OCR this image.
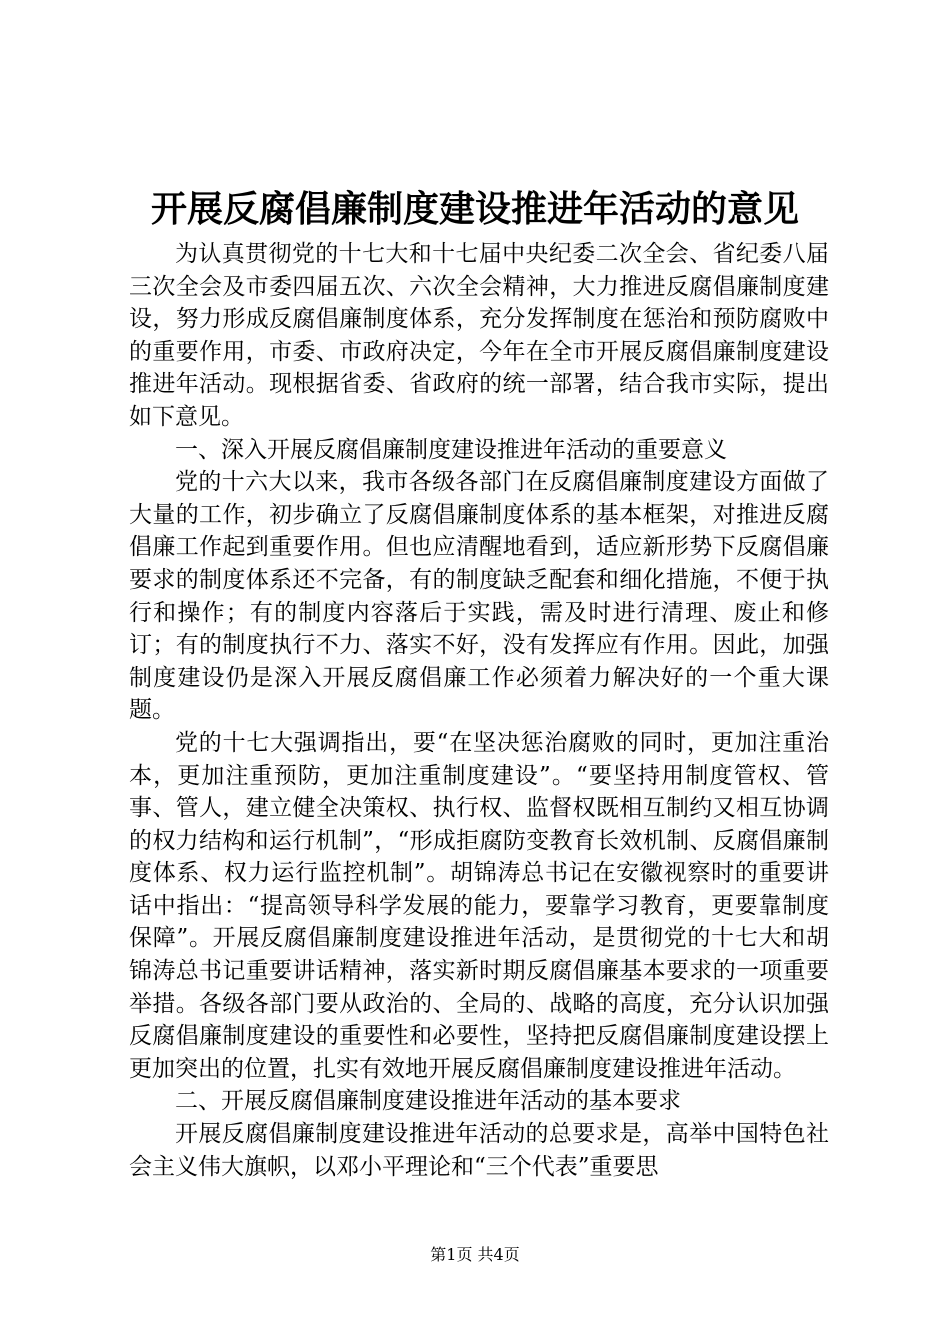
开展反腐倡廉制度建设推进年活动的意见

为认真贯彻党的十七大和十七届中央纪委二次全会、省纪委八届三次全会及市委四届五次、六次全会精神，大力推进反腐倡廉制度建设，努力形成反腐倡廉制度体系，充分发挥制度在惩治和预防腐败中的重要作用，市委、市政府决定，今年在全市开展反腐倡廉制度建设推进年活动。现根据省委、省政府的统一部署，结合我市实际，提出如下意见。

一、深入开展反腐倡廉制度建设推进年活动的重要意义

党的十六大以来，我市各级各部门在反腐倡廉制度建设方面做了大量的工作，初步确立了反腐倡廉制度体系的基本框架，对推进反腐倡廉工作起到重要作用。但也应清醒地看到，适应新形势下反腐倡廉要求的制度体系还不完备，有的制度缺乏配套和细化措施，不便于执行和操作；有的制度内容落后于实践，需及时进行清理、废止和修订；有的制度执行不力、落实不好，没有发挥应有作用。因此，加强制度建设仍是深入开展反腐倡廉工作必须着力解决好的一个重大课题。

党的十七大强调指出，要“在坚决惩治腐败的同时，更加注重治本，更加注重预防，更加注重制度建设”。“要坚持用制度管权、管事、管人，建立健全决策权、执行权、监督权既相互制约又相互协调的权力结构和运行机制”，“形成拒腐防变教育长效机制、反腐倡廉制度体系、权力运行监控机制”。胡锦涛总书记在安徽视察时的重要讲话中指出：“提高领导科学发展的能力，要靠学习教育，更要靠制度保障”。开展反腐倡廉制度建设推进年活动，是贯彻党的十七大和胡锦涛总书记重要讲话精神，落实新时期反腐倡廉基本要求的一项重要举措。各级各部门要从政治的、全局的、战略的高度，充分认识加强反腐倡廉制度建设的重要性和必要性，坚持把反腐倡廉制度建设摆上更加突出的位置，扎实有效地开展反腐倡廉制度建设推进年活动。

二、开展反腐倡廉制度建设推进年活动的基本要求

开展反腐倡廉制度建设推进年活动的总要求是，高举中国特色社会主义伟大旗帜，以邓小平理论和“三个代表”重要思

第1页 共4页
